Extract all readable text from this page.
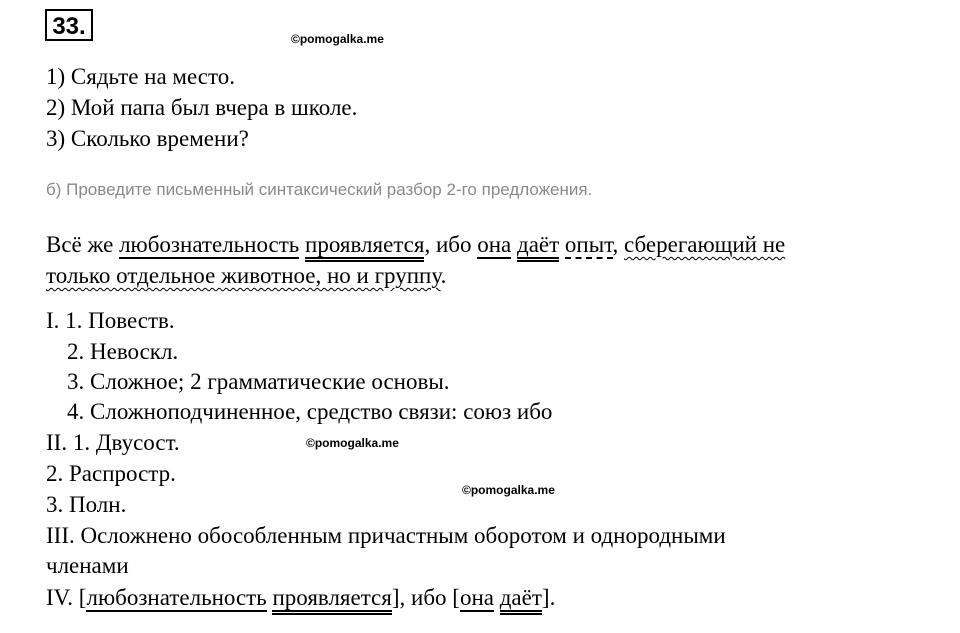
33.	©pomogalka.me
©pomogalka.me
©pomogalka.me
1) Сядьте на место.
2) Мой папа был вчера в школе.
3) Сколько времени?
б) Проведите письменный синтаксический разбор 2-го предложения.
Всё же любознательность проявляется, ибо она даёт опыт, сберегающий не
только отдельное животное, но и группу.
I. 1. Повеств.
2. Невоскл.
3. Сложное; 2 грамматические основы.
4. Сложноподчиненное, средство связи: союз ибо
II. 1. Двусост.
2. Распростр.
3. Полн.
III. Осложнено обособленным причастным оборотом и однородными
членами
IV. [любознательность проявляется], ибо [она даёт].
